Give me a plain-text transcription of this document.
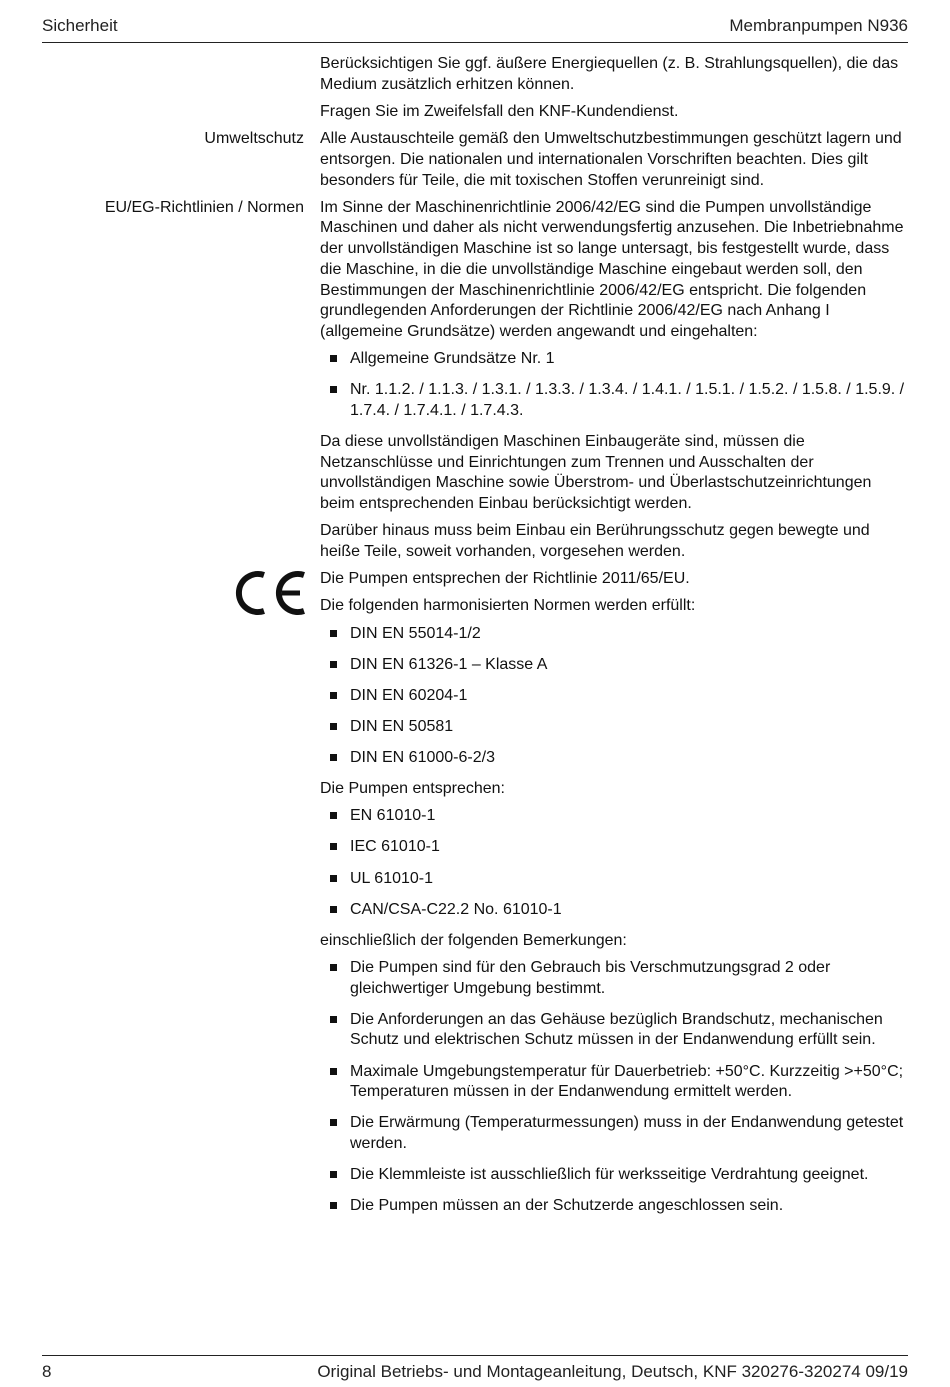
Sicherheit	Membranpumpen N936

Berücksichtigen Sie ggf. äußere Energiequellen (z. B. Strahlungsquellen), die das Medium zusätzlich erhitzen können.

Fragen Sie im Zweifelsfall den KNF-Kundendienst.

Umweltschutz Alle Austauschteile gemäß den Umweltschutzbestimmungen geschützt lagern und entsorgen. Die nationalen und internationalen Vorschriften beachten. Dies gilt besonders für Teile, die mit toxischen Stoffen verunreinigt sind.

EU/EG-Richtlinien / Normen Im Sinne der Maschinenrichtlinie 2006/42/EG sind die Pumpen unvollständige Maschinen und daher als nicht verwendungsfertig anzusehen. Die Inbetriebnahme der unvollständigen Maschine ist so lange untersagt, bis festgestellt wurde, dass die Maschine, in die die unvollständige Maschine eingebaut werden soll, den Bestimmungen der Maschinenrichtlinie 2006/42/EG entspricht. Die folgenden grundlegenden Anforderungen der Richtlinie 2006/42/EG nach Anhang I (allgemeine Grundsätze) werden angewandt und eingehalten:

Allgemeine Grundsätze Nr. 1
Nr. 1.1.2. / 1.1.3. / 1.3.1. / 1.3.3. / 1.3.4. / 1.4.1. / 1.5.1. / 1.5.2. / 1.5.8. / 1.5.9. / 1.7.4. / 1.7.4.1. / 1.7.4.3.

Da diese unvollständigen Maschinen Einbaugeräte sind, müssen die Netzanschlüsse und Einrichtungen zum Trennen und Ausschalten der unvollständigen Maschine sowie Überstrom- und Überlastschutzeinrichtungen beim entsprechenden Einbau berücksichtigt werden.

Darüber hinaus muss beim Einbau ein Berührungsschutz gegen bewegte und heiße Teile, soweit vorhanden, vorgesehen werden.

Die Pumpen entsprechen der Richtlinie 2011/65/EU.

Die folgenden harmonisierten Normen werden erfüllt:

DIN EN 55014-1/2
DIN EN 61326-1 – Klasse A
DIN EN 60204-1
DIN EN 50581
DIN EN 61000-6-2/3

Die Pumpen entsprechen:

EN 61010-1
IEC 61010-1
UL 61010-1
CAN/CSA-C22.2 No. 61010-1

einschließlich der folgenden Bemerkungen:

Die Pumpen sind für den Gebrauch bis Verschmutzungsgrad 2 oder gleichwertiger Umgebung bestimmt.
Die Anforderungen an das Gehäuse bezüglich Brandschutz, mechanischen Schutz und elektrischen Schutz müssen in der Endanwendung erfüllt sein.
Maximale Umgebungstemperatur für Dauerbetrieb: +50°C. Kurzzeitig >+50°C; Temperaturen müssen in der Endanwendung ermittelt werden.
Die Erwärmung (Temperaturmessungen) muss in der Endanwendung getestet werden.
Die Klemmleiste ist ausschließlich für werksseitige Verdrahtung geeignet.
Die Pumpen müssen an der Schutzerde angeschlossen sein.
8	Original Betriebs- und Montageanleitung, Deutsch, KNF 320276-320274 09/19
